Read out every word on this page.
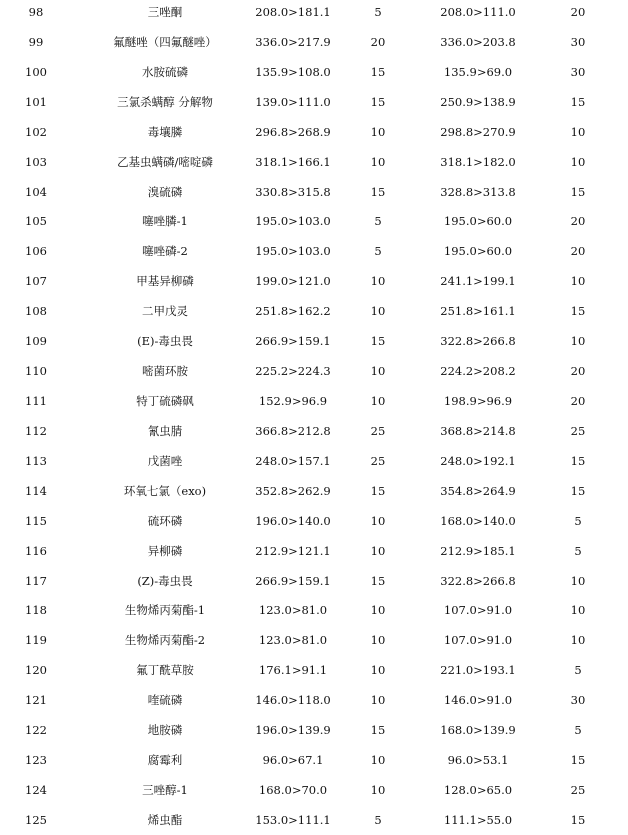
98	三唑酮	208.0>181.1	5	208.0>111.0	20
99	氟醚唑（四氟醚唑）	336.0>217.9	20	336.0>203.8	30
100	水胺硫磷	135.9>108.0	15	135.9>69.0	30
101	三氯杀螨醇 分解物	139.0>111.0	15	250.9>138.9	15
102	毒壤膦	296.8>268.9	10	298.8>270.9	10
103	乙基虫螨磷/嘧啶磷	318.1>166.1	10	318.1>182.0	10
104	溴硫磷	330.8>315.8	15	328.8>313.8	15
105	噻唑膦-1	195.0>103.0	5	195.0>60.0	20
106	噻唑磷-2	195.0>103.0	5	195.0>60.0	20
107	甲基异柳磷	199.0>121.0	10	241.1>199.1	10
108	二甲戊灵	251.8>162.2	10	251.8>161.1	15
109	(E)-毒虫畏	266.9>159.1	15	322.8>266.8	10
110	嘧菌环胺	225.2>224.3	10	224.2>208.2	20
111	特丁硫磷砜	152.9>96.9	10	198.9>96.9	20
112	氰虫腈	366.8>212.8	25	368.8>214.8	25
113	戊菌唑	248.0>157.1	25	248.0>192.1	15
114	环氧七氯（exo)	352.8>262.9	15	354.8>264.9	15
115	硫环磷	196.0>140.0	10	168.0>140.0	5
116	异柳磷	212.9>121.1	10	212.9>185.1	5
117	(Z)-毒虫畏	266.9>159.1	15	322.8>266.8	10
118	生物烯丙菊酯-1	123.0>81.0	10	107.0>91.0	10
119	生物烯丙菊酯-2	123.0>81.0	10	107.0>91.0	10
120	氟丁酰草胺	176.1>91.1	10	221.0>193.1	5
121	喹硫磷	146.0>118.0	10	146.0>91.0	30
122	地胺磷	196.0>139.9	15	168.0>139.9	5
123	腐霉利	96.0>67.1	10	96.0>53.1	15
124	三唑醇-1	168.0>70.0	10	128.0>65.0	25
125	烯虫酯	153.0>111.1	5	111.1>55.0	15
